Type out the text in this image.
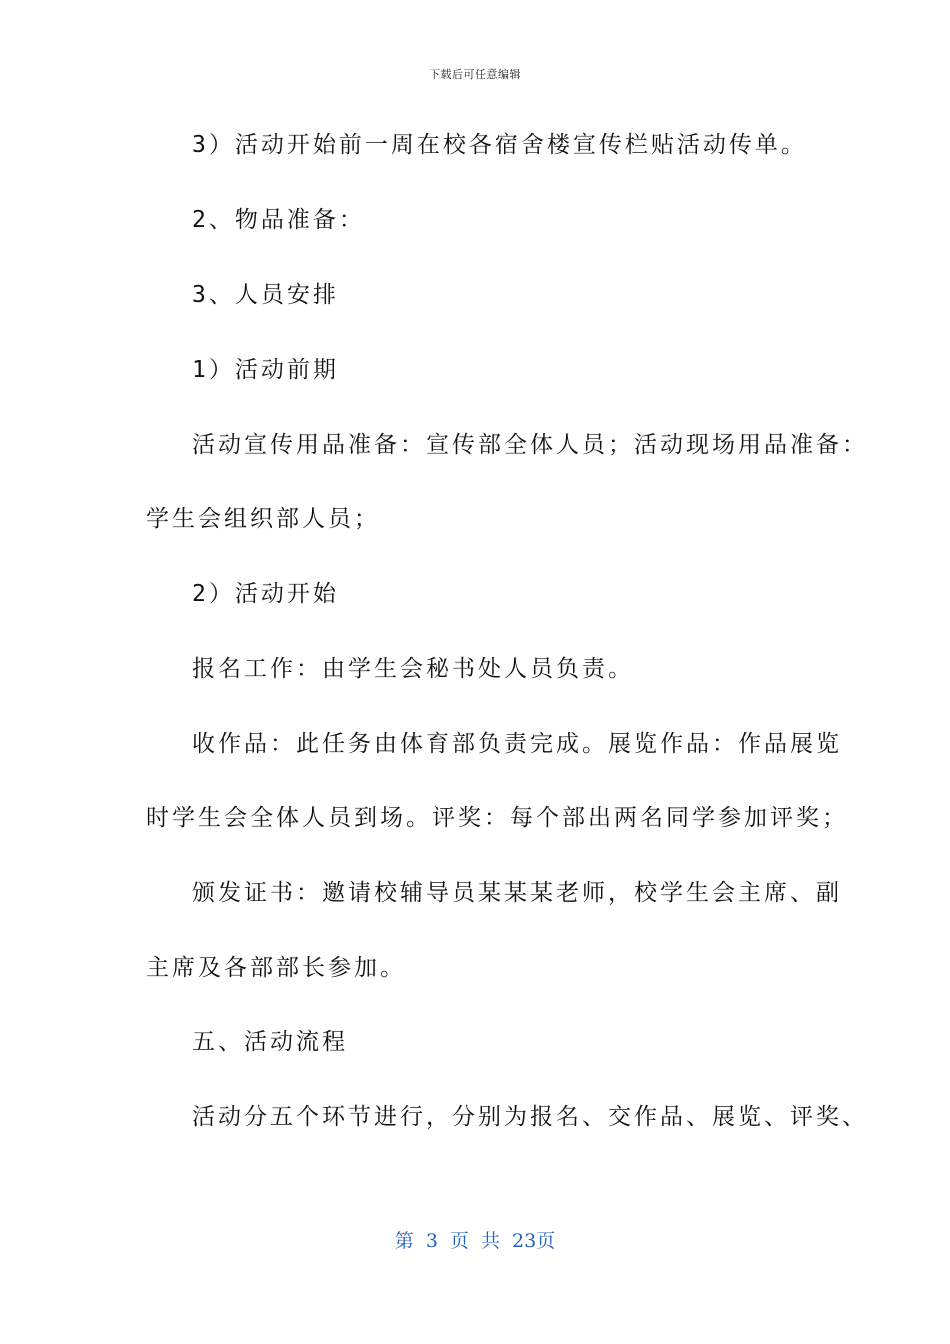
下载后可任意编辑
3）活动开始前一周在校各宿舍楼宣传栏贴活动传单。
2、物品准备：
3、人员安排
1）活动前期
活动宣传用品准备：宣传部全体人员；活动现场用品准备：
学生会组织部人员；
2）活动开始
报名工作：由学生会秘书处人员负责。
收作品：此任务由体育部负责完成。展览作品：作品展览
时学生会全体人员到场。评奖：每个部出两名同学参加评奖；
颁发证书：邀请校辅导员某某某老师，校学生会主席、副
主席及各部部长参加。
五、活动流程
活动分五个环节进行，分别为报名、交作品、展览、评奖、
第 3 页 共 23页
